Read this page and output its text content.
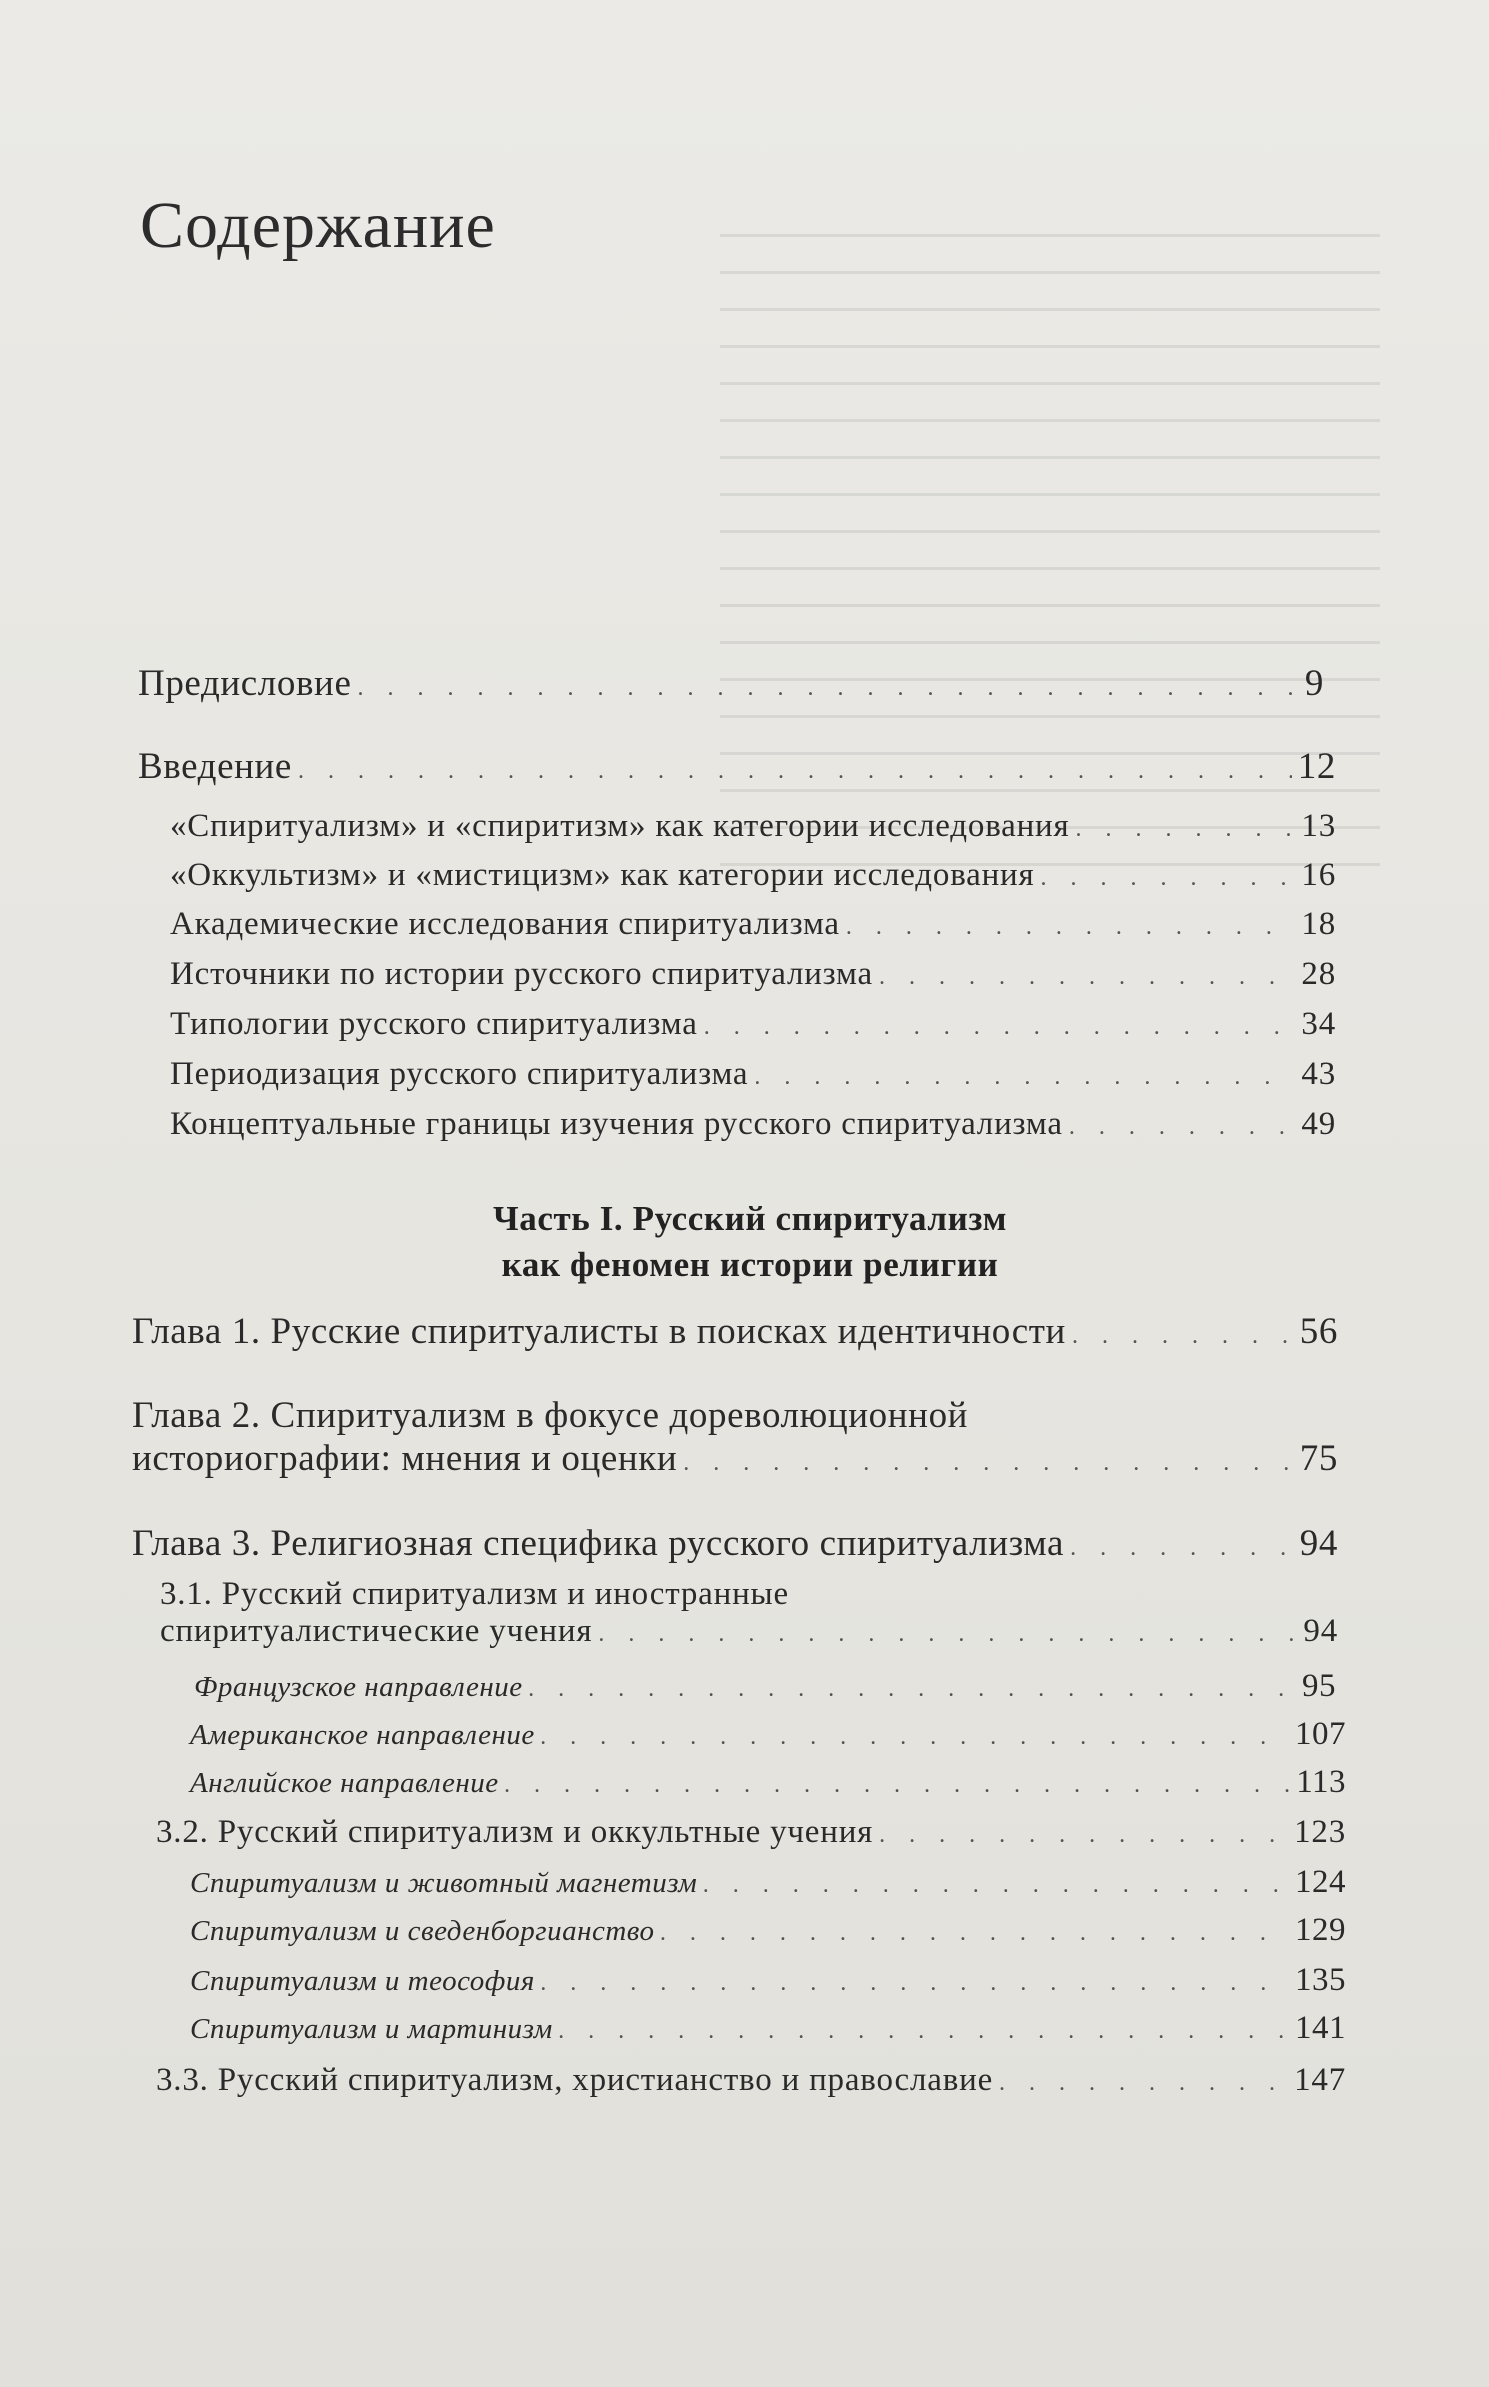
Содержание
Предисловие . . .	9
Введение . . .	12
«Спиритуализм» и «спиритизм» как категории исследования . . .	13
«Оккультизм» и «мистицизм» как категории исследования . . .	16
Академические исследования спиритуализма . . .	18
Источники по истории русского спиритуализма . . .	28
Типологии русского спиритуализма . . .	34
Периодизация русского спиритуализма . . .	43
Концептуальные границы изучения русского спиритуализма . . .	49
Часть I. Русский спиритуализм
как феномен истории религии
Глава 1. Русские спиритуалисты в поисках идентичности . . .	56
Глава 2. Спиритуализм в фокусе дореволюционной
историографии: мнения и оценки . . .	75
Глава 3. Религиозная специфика русского спиритуализма . . .	94
3.1. Русский спиритуализм и иностранные
спиритуалистические учения . . .	94
Французское направление . . .	95
Американское направление . . .	107
Английское направление . . .	113
3.2. Русский спиритуализм и оккультные учения . . .	123
Спиритуализм и животный магнетизм . . .	124
Спиритуализм и сведенборгианство . . .	129
Спиритуализм и теософия . . .	135
Спиритуализм и мартинизм . . .	141
3.3. Русский спиритуализм, христианство и православие . . .	147
